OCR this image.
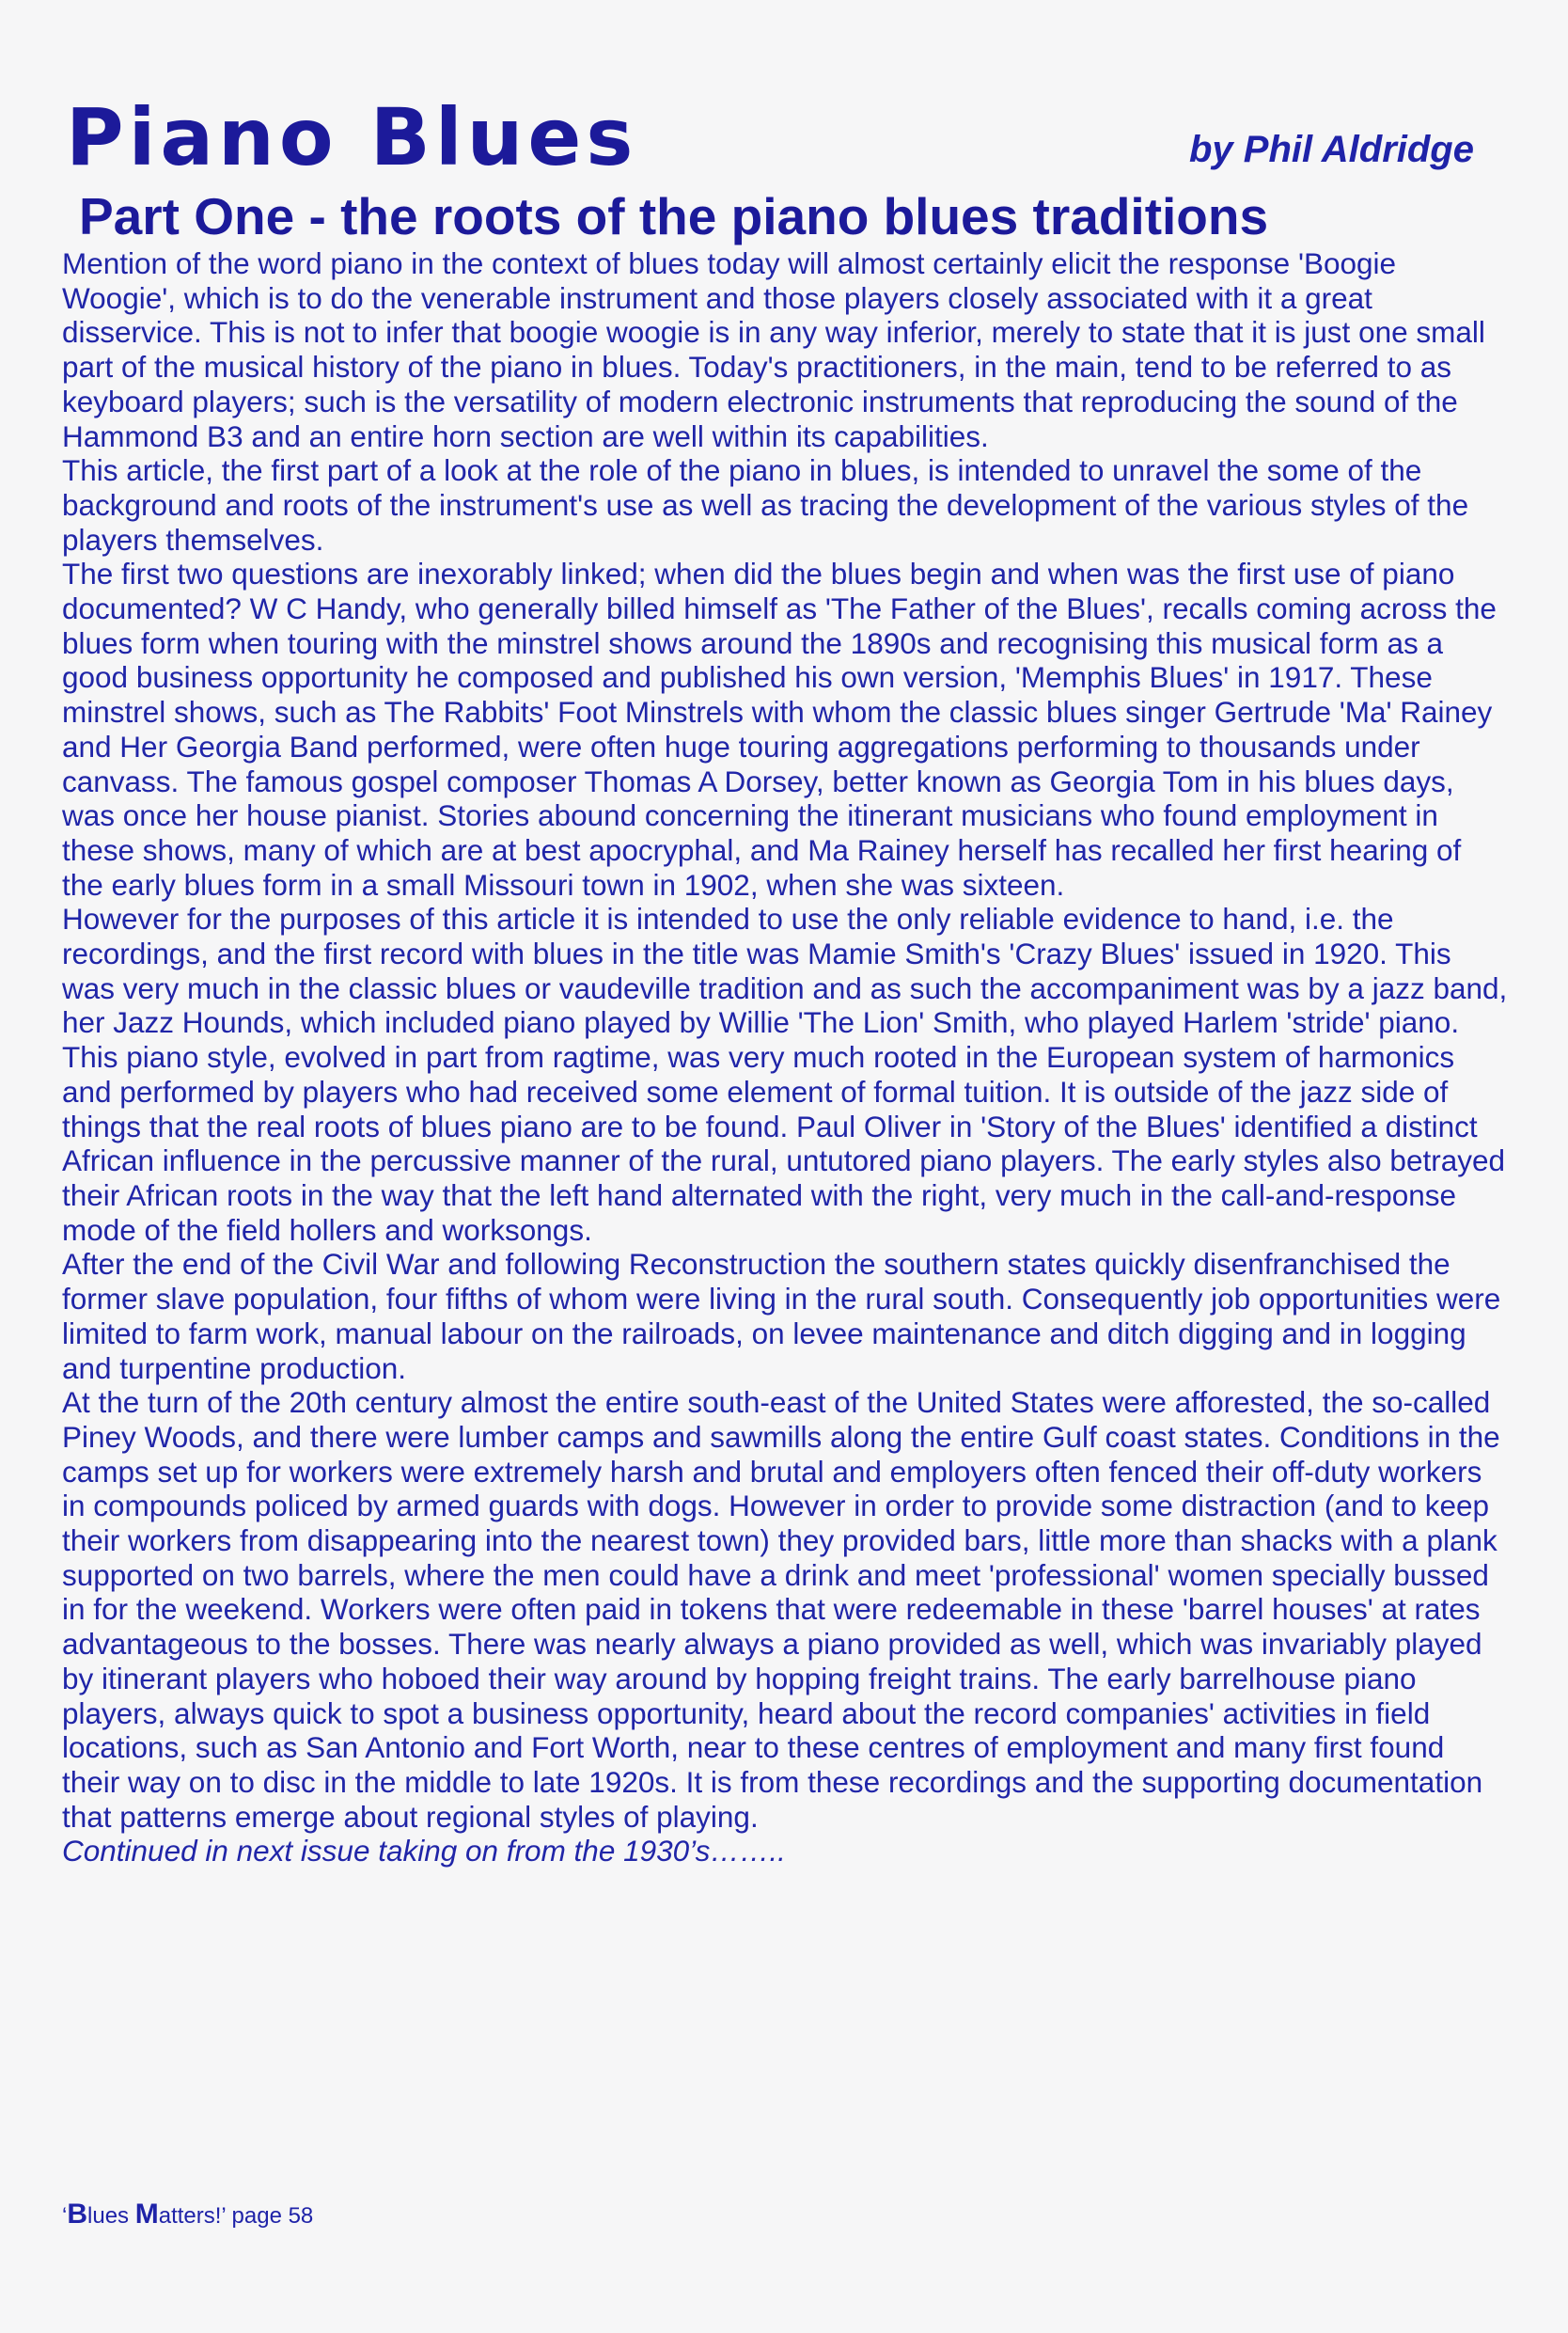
Piano Blues	by Phil Aldridge
Part One - the roots of the piano blues traditions

Mention of the word piano in the context of blues today will almost certainly elicit the response 'Boogie Woogie', which is to do the venerable instrument and those players closely associated with it a great disservice. This is not to infer that boogie woogie is in any way inferior, merely to state that it is just one small part of the musical history of the piano in blues. Today's practitioners, in the main, tend to be referred to as keyboard players; such is the versatility of modern electronic instruments that reproducing the sound of the Hammond B3 and an entire horn section are well within its capabilities.

This article, the first part of a look at the role of the piano in blues, is intended to unravel the some of the background and roots of the instrument's use as well as tracing the development of the various styles of the players themselves.

The first two questions are inexorably linked; when did the blues begin and when was the first use of piano documented? W C Handy, who generally billed himself as 'The Father of the Blues', recalls coming across the blues form when touring with the minstrel shows around the 1890s and recognising this musical form as a good business opportunity he composed and published his own version, 'Memphis Blues' in 1917. These minstrel shows, such as The Rabbits' Foot Minstrels with whom the classic blues singer Gertrude 'Ma' Rainey and Her Georgia Band performed, were often huge touring aggregations performing to thousands under canvass. The famous gospel composer Thomas A Dorsey, better known as Georgia Tom in his blues days, was once her house pianist. Stories abound concerning the itinerant musicians who found employment in these shows, many of which are at best apocryphal, and Ma Rainey herself has recalled her first hearing of the early blues form in a small Missouri town in 1902, when she was sixteen.

However for the purposes of this article it is intended to use the only reliable evidence to hand, i.e. the recordings, and the first record with blues in the title was Mamie Smith's 'Crazy Blues' issued in 1920. This was very much in the classic blues or vaudeville tradition and as such the accompaniment was by a jazz band, her Jazz Hounds, which included piano played by Willie 'The Lion' Smith, who played Harlem 'stride' piano. This piano style, evolved in part from ragtime, was very much rooted in the European system of harmonics and performed by players who had received some element of formal tuition. It is outside of the jazz side of things that the real roots of blues piano are to be found. Paul Oliver in 'Story of the Blues' identified a distinct African influence in the percussive manner of the rural, untutored piano players. The early styles also betrayed their African roots in the way that the left hand alternated with the right, very much in the call-and-response mode of the field hollers and worksongs.

After the end of the Civil War and following Reconstruction the southern states quickly disenfranchised the former slave population, four fifths of whom were living in the rural south. Consequently job opportunities were limited to farm work, manual labour on the railroads, on levee maintenance and ditch digging and in logging and turpentine production.

At the turn of the 20th century almost the entire south-east of the United States were afforested, the so-called Piney Woods, and there were lumber camps and sawmills along the entire Gulf coast states. Conditions in the camps set up for workers were extremely harsh and brutal and employers often fenced their off-duty workers in compounds policed by armed guards with dogs. However in order to provide some distraction (and to keep their workers from disappearing into the nearest town) they provided bars, little more than shacks with a plank supported on two barrels, where the men could have a drink and meet 'professional' women specially bussed in for the weekend. Workers were often paid in tokens that were redeemable in these 'barrel houses' at rates advantageous to the bosses. There was nearly always a piano provided as well, which was invariably played by itinerant players who hoboed their way around by hopping freight trains. The early barrelhouse piano players, always quick to spot a business opportunity, heard about the record companies' activities in field locations, such as San Antonio and Fort Worth, near to these centres of employment and many first found their way on to disc in the middle to late 1920s. It is from these recordings and the supporting documentation that patterns emerge about regional styles of playing.

Continued in next issue taking on from the 1930’s……..

‘Blues Matters!’ page 58
